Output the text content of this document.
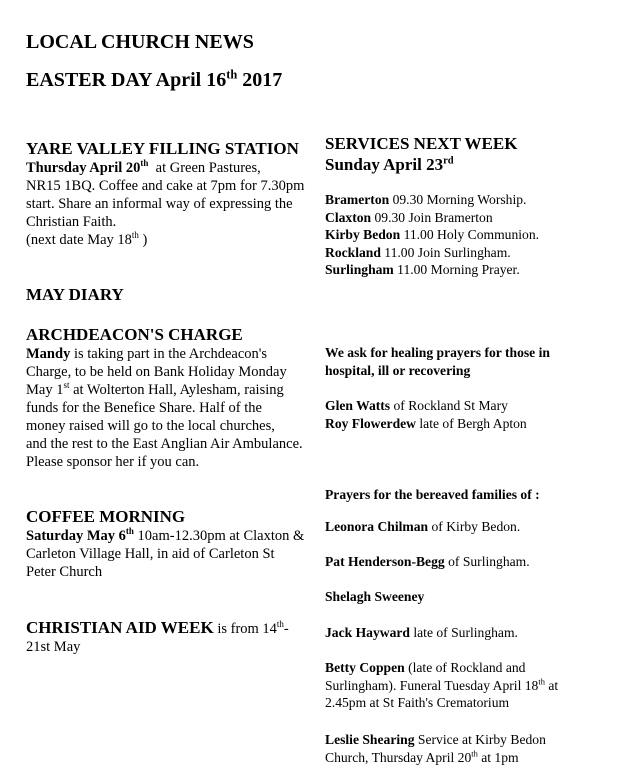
LOCAL CHURCH NEWS
EASTER DAY April 16th 2017
YARE VALLEY FILLING STATION
Thursday April 20th  at Green Pastures,
NR15 1BQ. Coffee and cake at 7pm for 7.30pm
start. Share an informal way of expressing the
Christian Faith.
(next date May 18th )
MAY DIARY
ARCHDEACON'S CHARGE
Mandy is taking part in the Archdeacon's
Charge, to be held on Bank Holiday Monday
May 1st at Wolterton Hall, Aylesham, raising
funds for the Benefice Share. Half of the
money raised will go to the local churches,
and the rest to the East Anglian Air Ambulance.
Please sponsor her if you can.
COFFEE MORNING
Saturday May 6th 10am-12.30pm at Claxton &
Carleton Village Hall, in aid of Carleton St
Peter Church
CHRISTIAN AID WEEK is from 14th-
21st May
SERVICES NEXT WEEK
Sunday April 23rd
Bramerton 09.30 Morning Worship.
Claxton 09.30 Join Bramerton
Kirby Bedon 11.00 Holy Communion.
Rockland 11.00 Join Surlingham.
Surlingham 11.00 Morning Prayer.
We ask for healing prayers for those in
hospital, ill or recovering
Glen Watts of Rockland St Mary
Roy Flowerdew late of Bergh Apton
Prayers for the bereaved families of :
Leonora Chilman of Kirby Bedon.
Pat Henderson-Begg of Surlingham.
Shelagh Sweeney
Jack Hayward late of Surlingham.
Betty Coppen (late of Rockland and
Surlingham). Funeral Tuesday April 18th at
2.45pm at St Faith's Crematorium
Leslie Shearing Service at Kirby Bedon
Church, Thursday April 20th at 1pm
